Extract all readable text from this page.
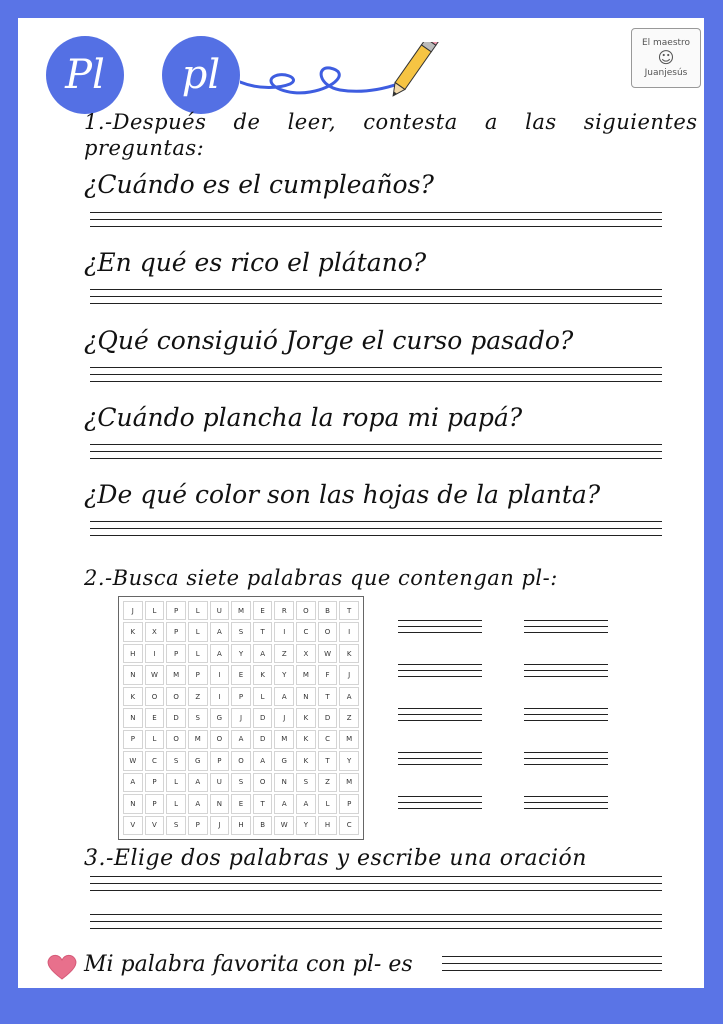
Pl pl
El maestro
☺
Juanjesús
1.-Después de leer, contesta a las siguientes
preguntas:
¿Cuándo es el cumpleaños?
¿En qué es rico el plátano?
¿Qué consiguió Jorge el curso pasado?
¿Cuándo plancha la ropa mi papá?
¿De qué color son las hojas de la planta?
2.-Busca siete palabras que contengan pl-:
J	L	P	L	U	M	E	R	O	B	T
K	X	P	L	A	S	T	I	C	O	I
H	I	P	L	A	Y	A	Z	X	W	K
N	W	M	P	I	E	K	Y	M	F	J
K	O	O	Z	I	P	L	A	N	T	A
N	E	D	S	G	J	D	J	K	D	Z
P	L	O	M	O	A	D	M	K	C	M
W	C	S	G	P	O	A	G	K	T	Y
A	P	L	A	U	S	O	N	S	Z	M
N	P	L	A	N	E	T	A	A	L	P
V	V	S	P	J	H	B	W	Y	H	C
3.-Elige dos palabras y escribe una oración
Mi palabra favorita con pl- es
